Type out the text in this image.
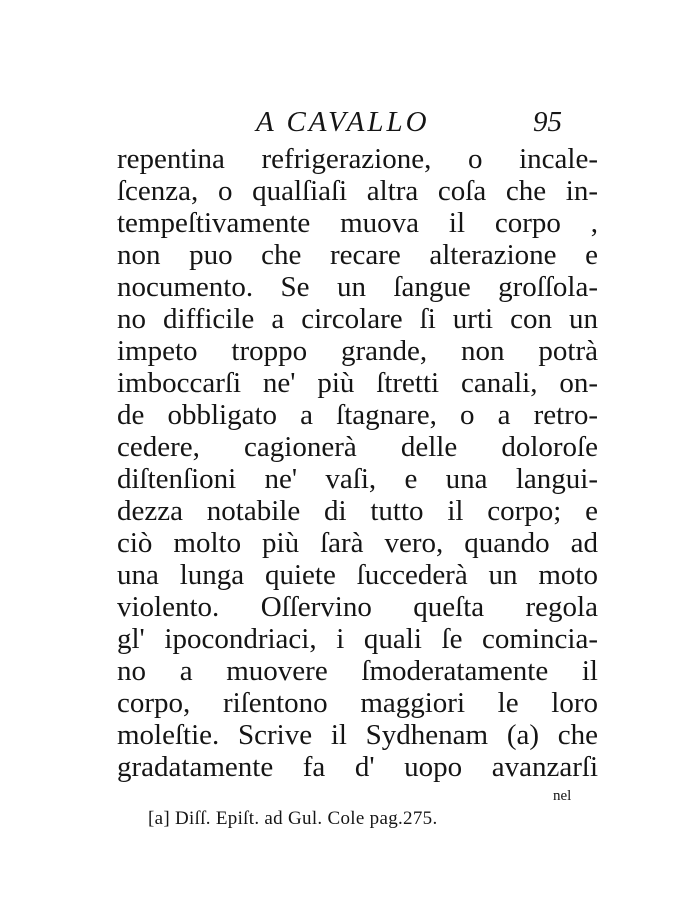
A CAVALLO	95
repentina refrigerazione, o incale-
ſcenza, o qualſiaſi altra coſa che in-
tempeſtivamente muova il corpo ,
non puo che recare alterazione e
nocumento. Se un ſangue groſſola-
no difficile a circolare ſi urti con un
impeto troppo grande, non potrà
imboccarſi ne' più ſtretti canali, on-
de obbligato a ſtagnare, o a retro-
cedere, cagionerà delle doloroſe
diſtenſioni ne' vaſi, e una langui-
dezza notabile di tutto il corpo; e
ciò molto più ſarà vero, quando ad
una lunga quiete ſuccederà un moto
violento. Oſſervino queſta regola
gl' ipocondriaci, i quali ſe comincia-
no a muovere ſmoderatamente il
corpo, riſentono maggiori le loro
moleſtie. Scrive il Sydhenam (a) che
gradatamente fa d' uopo avanzarſi
nel
[a] Diſſ. Epiſt. ad Gul. Cole pag.275.
